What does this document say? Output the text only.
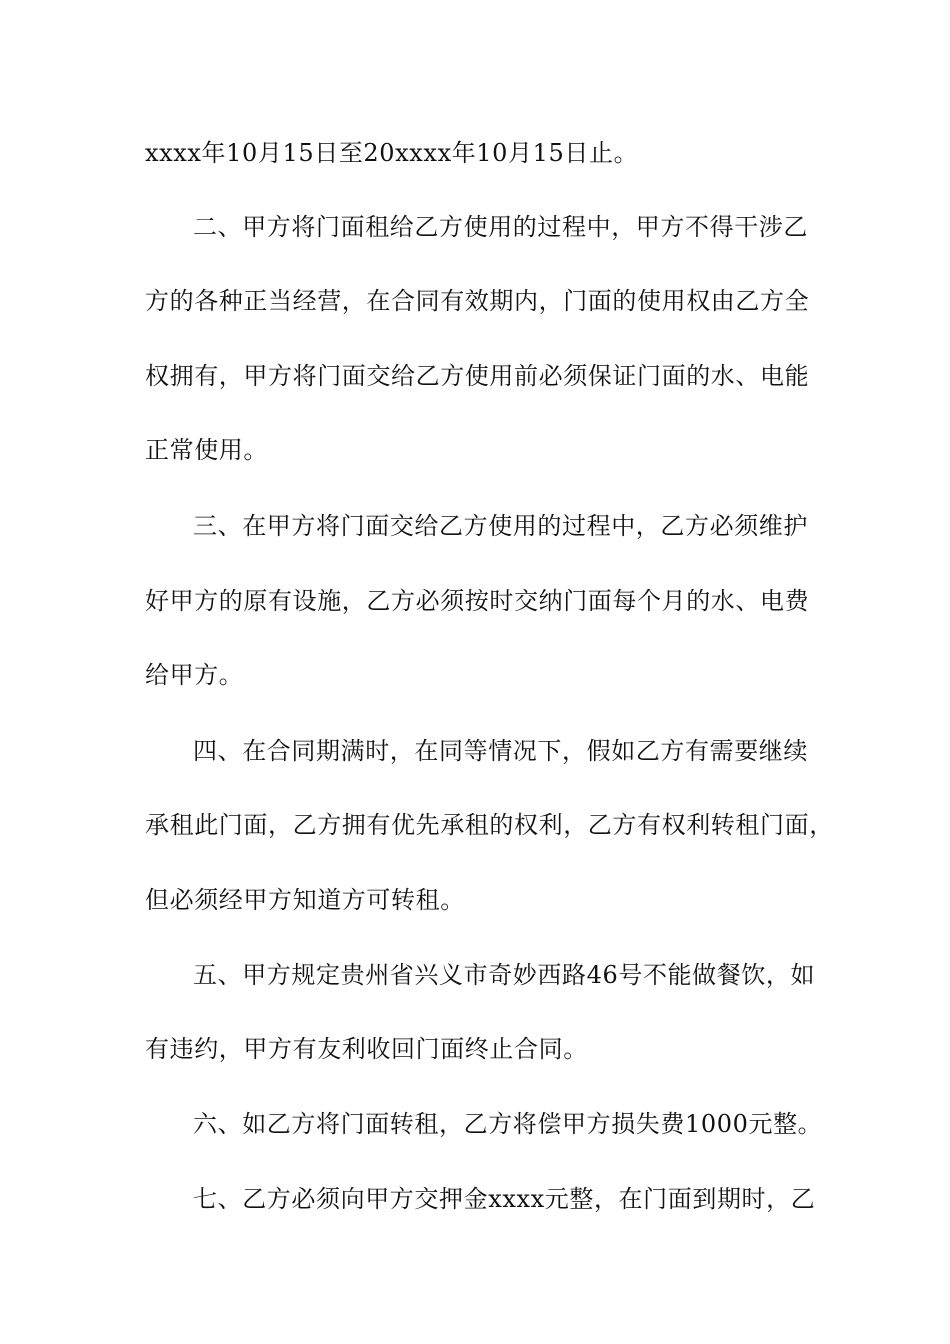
xxxx年10月15日至20xxxx年10月15日止。
二、甲方将门面租给乙方使用的过程中，甲方不得干涉乙
方的各种正当经营，在合同有效期内，门面的使用权由乙方全
权拥有，甲方将门面交给乙方使用前必须保证门面的水、电能
正常使用。
三、在甲方将门面交给乙方使用的过程中，乙方必须维护
好甲方的原有设施，乙方必须按时交纳门面每个月的水、电费
给甲方。
四、在合同期满时，在同等情况下，假如乙方有需要继续
承租此门面，乙方拥有优先承租的权利，乙方有权利转租门面，
但必须经甲方知道方可转租。
五、甲方规定贵州省兴义市奇妙西路46号不能做餐饮，如
有违约，甲方有友利收回门面终止合同。
六、如乙方将门面转租，乙方将偿甲方损失费1000元整。
七、乙方必须向甲方交押金xxxx元整，在门面到期时，乙
